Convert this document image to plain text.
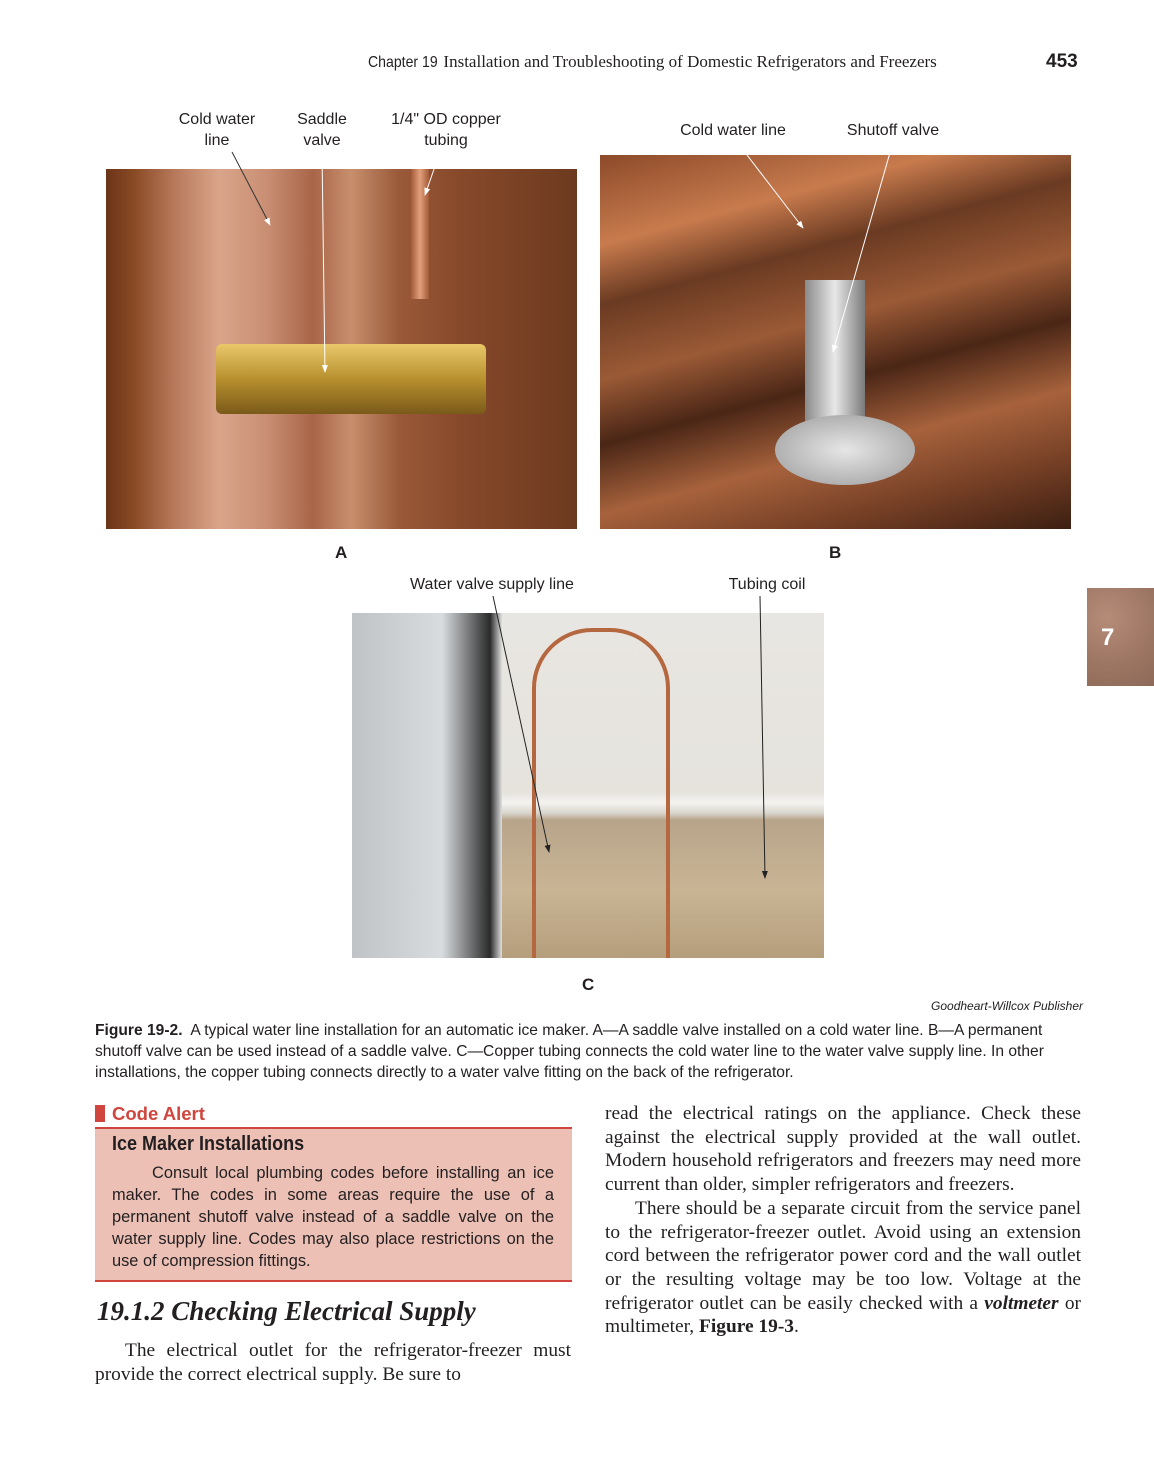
Chapter 19 Installation and Troubleshooting of Domestic Refrigerators and Freezers	453
Cold water
line
Saddle
valve
1/4" OD copper
tubing
Cold water line	Shutoff valve
Water valve supply line	Tubing coil
A	B
C
7
Goodheart-Willcox Publisher
Figure 19-2. A typical water line installation for an automatic ice maker. A—A saddle valve installed on a cold water line. B—A permanent shutoff valve can be used instead of a saddle valve. C—Copper tubing connects the cold water line to the water valve supply line. In other installations, the copper tubing connects directly to a water valve fitting on the back of the refrigerator.
Code Alert
Ice Maker Installations
Consult local plumbing codes before installing an ice maker. The codes in some areas require the use of a permanent shutoff valve instead of a saddle valve on the water supply line. Codes may also place restrictions on the use of compression fittings.
19.1.2 Checking Electrical Supply

The electrical outlet for the refrigerator-freezer must provide the correct electrical supply. Be sure to

read the electrical ratings on the appliance. Check these against the electrical supply provided at the wall outlet. Modern household refrigerators and freezers may need more current than older, simpler refrigerators and freezers.

There should be a separate circuit from the service panel to the refrigerator-freezer outlet. Avoid using an extension cord between the refrigerator power cord and the wall outlet or the resulting voltage may be too low. Voltage at the refrigerator outlet can be easily checked with a voltmeter or multimeter, Figure 19-3.
